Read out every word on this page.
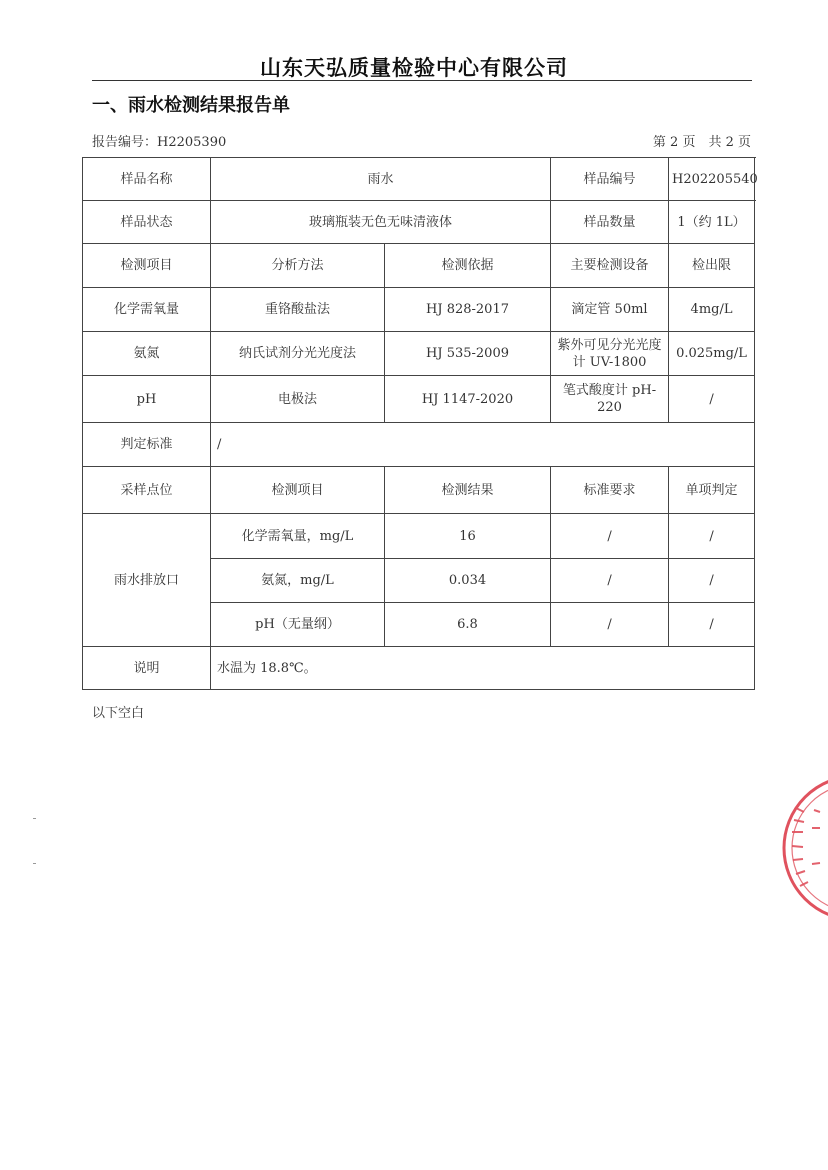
山东天弘质量检验中心有限公司
一、雨水检测结果报告单
报告编号：H2205390	第 2 页　共 2 页
样品名称	雨水		样品编号	H202205540
样品状态	玻璃瓶装无色无味清液体		样品数量	1（约 1L）
检测项目	分析方法	检测依据	主要检测设备	检出限
化学需氧量	重铬酸盐法	HJ 828-2017	滴定管 50ml	4mg/L
氨氮	纳氏试剂分光光度法	HJ 535-2009	紫外可见分光光度计 UV-1800	0.025mg/L
pH	电极法	HJ 1147-2020	笔式酸度计 pH-220	/
判定标准	/			
采样点位	检测项目	检测结果	标准要求	单项判定
雨水排放口	化学需氧量，mg/L	16	/	/
	氨氮，mg/L	0.034	/	/
	pH（无量纲）	6.8	/	/
说明	水温为 18.8℃。			
以下空白
